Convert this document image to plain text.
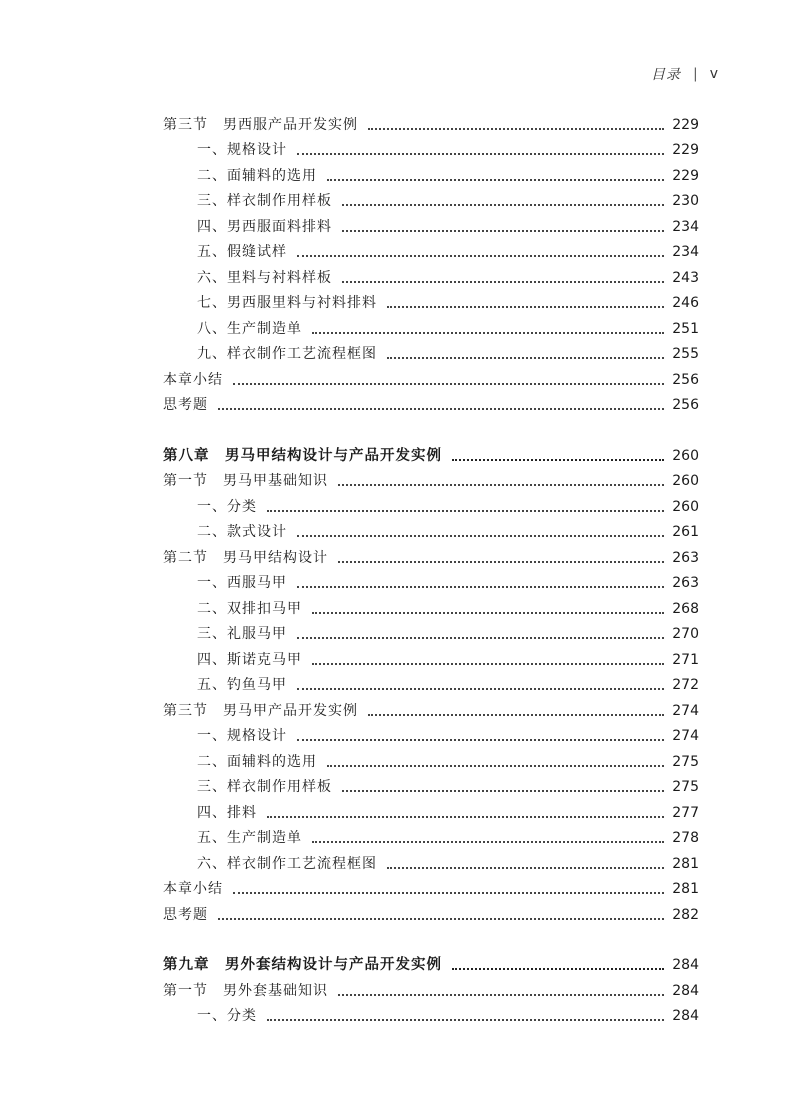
目录 | v
第三节　男西服产品开发实例	229
一、规格设计	229
二、面辅料的选用	229
三、样衣制作用样板	230
四、男西服面料排料	234
五、假缝试样	234
六、里料与衬料样板	243
七、男西服里料与衬料排料	246
八、生产制造单	251
九、样衣制作工艺流程框图	255
本章小结	256
思考题	256
第八章　男马甲结构设计与产品开发实例	260
第一节　男马甲基础知识	260
一、分类	260
二、款式设计	261
第二节　男马甲结构设计	263
一、西服马甲	263
二、双排扣马甲	268
三、礼服马甲	270
四、斯诺克马甲	271
五、钓鱼马甲	272
第三节　男马甲产品开发实例	274
一、规格设计	274
二、面辅料的选用	275
三、样衣制作用样板	275
四、排料	277
五、生产制造单	278
六、样衣制作工艺流程框图	281
本章小结	281
思考题	282
第九章　男外套结构设计与产品开发实例	284
第一节　男外套基础知识	284
一、分类	284
